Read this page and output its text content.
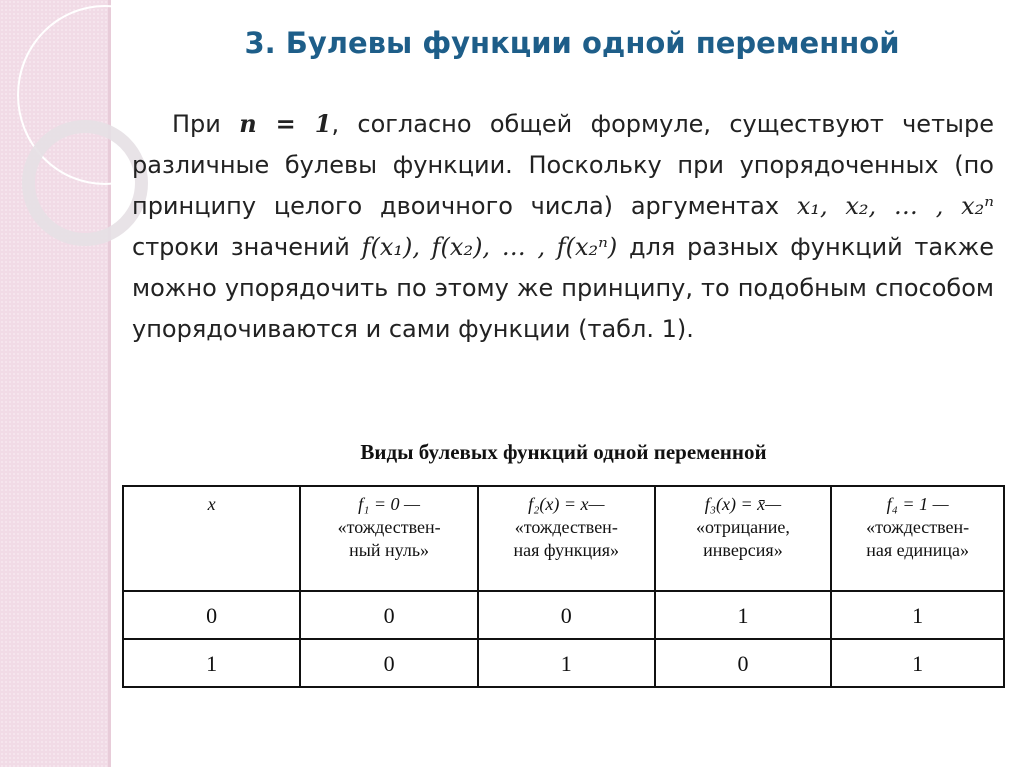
3. Булевы функции одной переменной
При n = 1, согласно общей формуле, существуют четыре различные булевы функции. Поскольку при упорядоченных (по принципу целого двоичного числа) аргументах x₁, x₂, … , x₂ⁿ строки значений f(x₁), f(x₂), … , f(x₂ⁿ) для разных функций также можно упорядочить по этому же принципу, то подобным способом упорядочиваются и сами функции (табл. 1).
Виды булевых функций одной переменной
x	f₁ = 0 —
«тождествен-
ный нуль»	f₂(x) = x—
«тождествен-
ная функция»	f₃(x) = x̄—
«отрицание,
инверсия»	f₄ = 1 —
«тождествен-
ная единица»
0	0	0	1	1
1	0	1	0	1
